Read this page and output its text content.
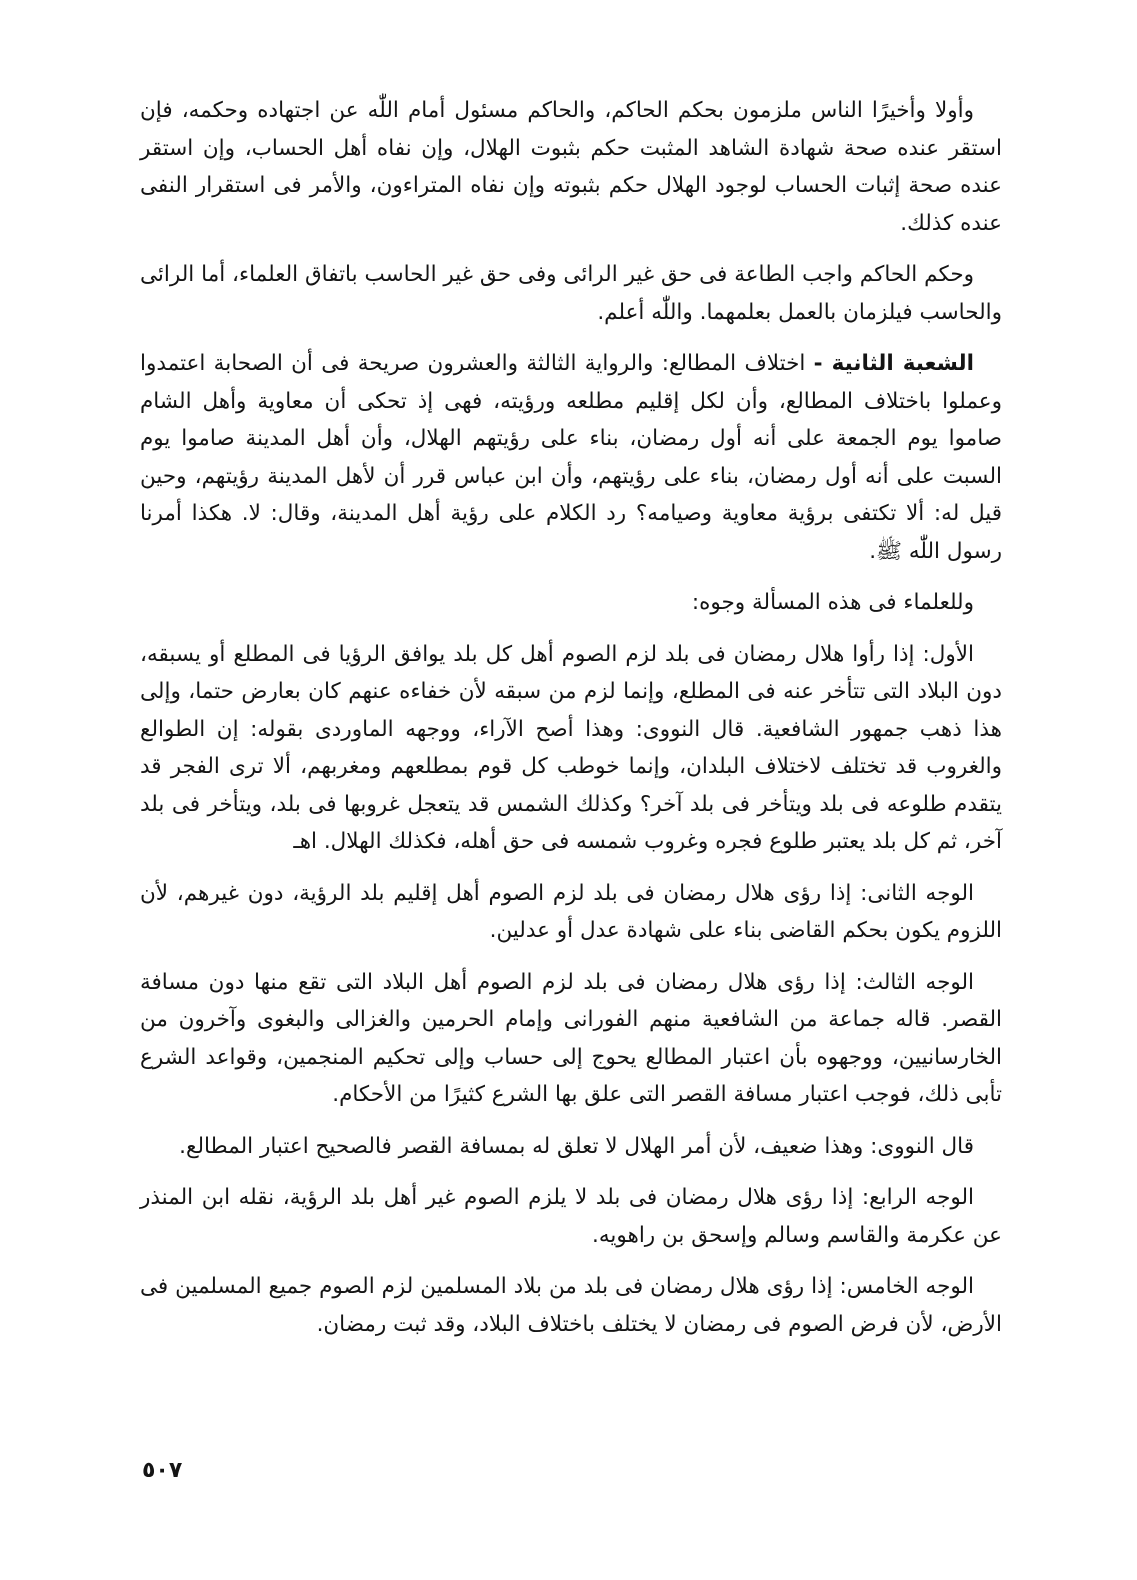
وأولا وأخيرًا الناس ملزمون بحكم الحاكم، والحاكم مسئول أمام اللّٰه عن اجتهاده وحكمه، فإن استقر عنده صحة شهادة الشاهد المثبت حكم بثبوت الهلال، وإن نفاه أهل الحساب، وإن استقر عنده صحة إثبات الحساب لوجود الهلال حكم بثبوته وإن نفاه المتراءون، والأمر فى استقرار النفى عنده كذلك.

وحكم الحاكم واجب الطاعة فى حق غير الرائى وفى حق غير الحاسب باتفاق العلماء، أما الرائى والحاسب فيلزمان بالعمل بعلمهما. واللّٰه أعلم.

الشعبة الثانية - اختلاف المطالع: والرواية الثالثة والعشرون صريحة فى أن الصحابة اعتمدوا وعملوا باختلاف المطالع، وأن لكل إقليم مطلعه ورؤيته، فهى إذ تحكى أن معاوية وأهل الشام صاموا يوم الجمعة على أنه أول رمضان، بناء على رؤيتهم الهلال، وأن أهل المدينة صاموا يوم السبت على أنه أول رمضان، بناء على رؤيتهم، وأن ابن عباس قرر أن لأهل المدينة رؤيتهم، وحين قيل له: ألا تكتفى برؤية معاوية وصيامه؟ رد الكلام على رؤية أهل المدينة، وقال: لا. هكذا أمرنا رسول اللّٰه ﷺ.

وللعلماء فى هذه المسألة وجوه:

الأول: إذا رأوا هلال رمضان فى بلد لزم الصوم أهل كل بلد يوافق الرؤيا فى المطلع أو يسبقه، دون البلاد التى تتأخر عنه فى المطلع، وإنما لزم من سبقه لأن خفاءه عنهم كان بعارض حتما، وإلى هذا ذهب جمهور الشافعية. قال النووى: وهذا أصح الآراء، ووجهه الماوردى بقوله: إن الطوالع والغروب قد تختلف لاختلاف البلدان، وإنما خوطب كل قوم بمطلعهم ومغربهم، ألا ترى الفجر قد يتقدم طلوعه فى بلد ويتأخر فى بلد آخر؟ وكذلك الشمس قد يتعجل غروبها فى بلد، ويتأخر فى بلد آخر، ثم كل بلد يعتبر طلوع فجره وغروب شمسه فى حق أهله، فكذلك الهلال. اهـ

الوجه الثانى: إذا رؤى هلال رمضان فى بلد لزم الصوم أهل إقليم بلد الرؤية، دون غيرهم، لأن اللزوم يكون بحكم القاضى بناء على شهادة عدل أو عدلين.

الوجه الثالث: إذا رؤى هلال رمضان فى بلد لزم الصوم أهل البلاد التى تقع منها دون مسافة القصر. قاله جماعة من الشافعية منهم الفورانى وإمام الحرمين والغزالى والبغوى وآخرون من الخارسانيين، ووجهوه بأن اعتبار المطالع يحوج إلى حساب وإلى تحكيم المنجمين، وقواعد الشرع تأبى ذلك، فوجب اعتبار مسافة القصر التى علق بها الشرع كثيرًا من الأحكام.

قال النووى: وهذا ضعيف، لأن أمر الهلال لا تعلق له بمسافة القصر فالصحيح اعتبار المطالع.

الوجه الرابع: إذا رؤى هلال رمضان فى بلد لا يلزم الصوم غير أهل بلد الرؤية، نقله ابن المنذر عن عكرمة والقاسم وسالم وإسحق بن راهويه.

الوجه الخامس: إذا رؤى هلال رمضان فى بلد من بلاد المسلمين لزم الصوم جميع المسلمين فى الأرض، لأن فرض الصوم فى رمضان لا يختلف باختلاف البلاد، وقد ثبت رمضان.

٥٠٧
